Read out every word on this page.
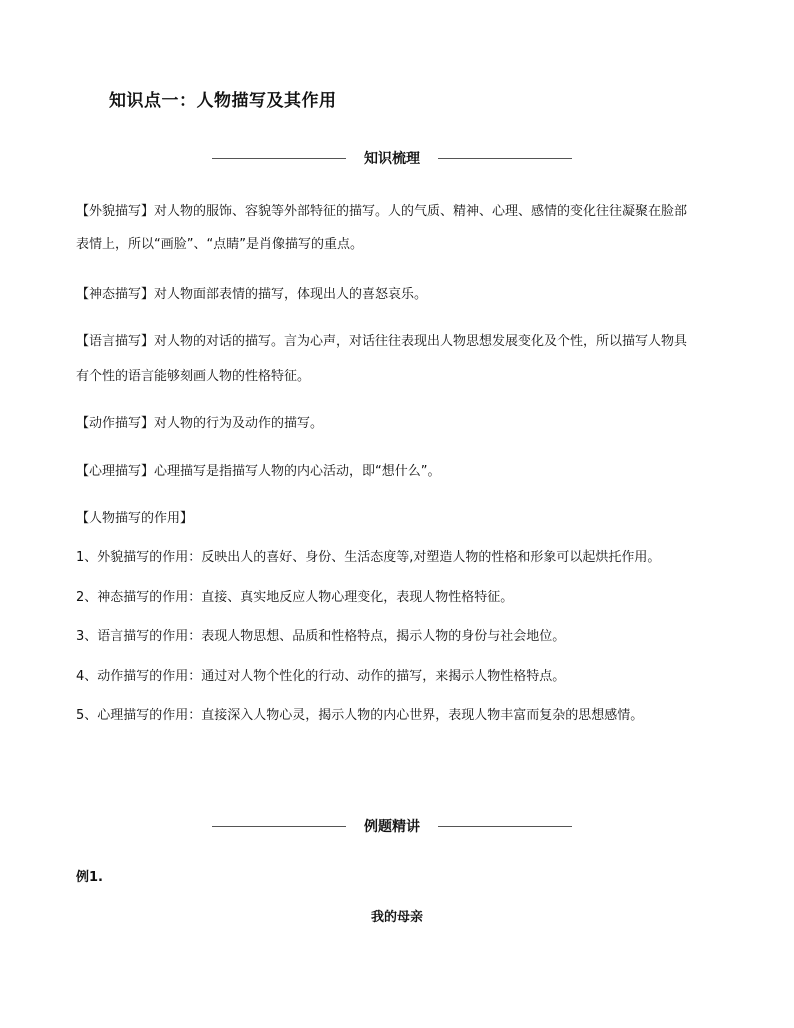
知识点一：人物描写及其作用
知识梳理
【外貌描写】对人物的服饰、容貌等外部特征的描写。人的气质、精神、心理、感情的变化往往凝聚在脸部
表情上，所以“画脸”、“点睛”是肖像描写的重点。
【神态描写】对人物面部表情的描写，体现出人的喜怒哀乐。
【语言描写】对人物的对话的描写。言为心声，对话往往表现出人物思想发展变化及个性，所以描写人物具
有个性的语言能够刻画人物的性格特征。
【动作描写】对人物的行为及动作的描写。
【心理描写】心理描写是指描写人物的内心活动，即“想什么”。
【人物描写的作用】
1、外貌描写的作用：反映出人的喜好、身份、生活态度等,对塑造人物的性格和形象可以起烘托作用。
2、神态描写的作用：直接、真实地反应人物心理变化，表现人物性格特征。
3、语言描写的作用：表现人物思想、品质和性格特点，揭示人物的身份与社会地位。
4、动作描写的作用：通过对人物个性化的行动、动作的描写，来揭示人物性格特点。
5、心理描写的作用：直接深入人物心灵，揭示人物的内心世界，表现人物丰富而复杂的思想感情。
例题精讲
例1.
我的母亲
